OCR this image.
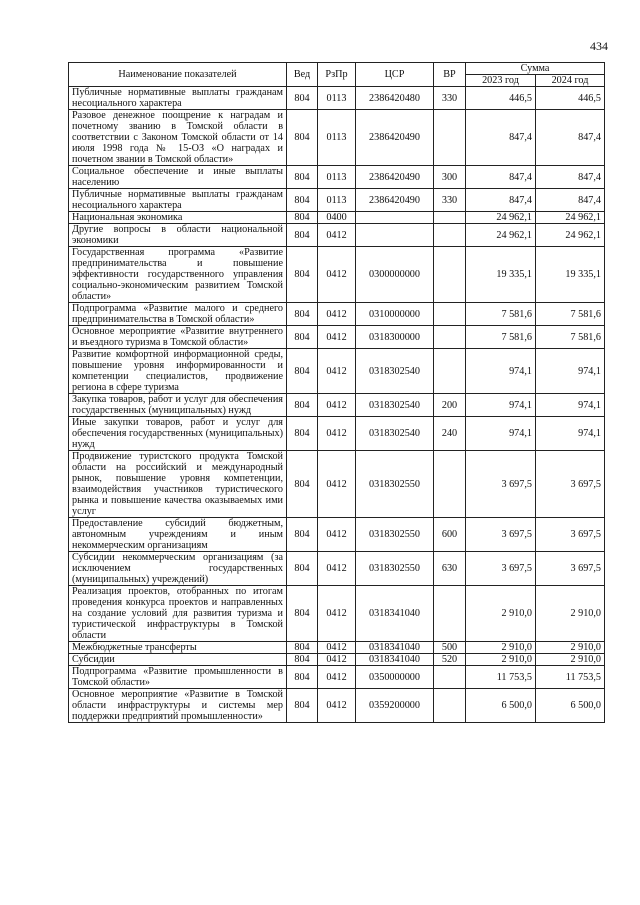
434
Наименование показателей	Вед	РзПр	ЦСР	ВР	Сумма	
					2023 год	2024 год
Публичные нормативные выплаты гражданам несоциального характера	804	0113	2386420480	330	446,5	446,5
Разовое денежное поощрение к наградам и почетному званию в Томской области в соответствии с Законом Томской области от 14 июля 1998 года № 15-ОЗ «О наградах и почетном звании в Томской области»	804	0113	2386420490		847,4	847,4
Социальное обеспечение и иные выплаты населению	804	0113	2386420490	300	847,4	847,4
Публичные нормативные выплаты гражданам несоциального характера	804	0113	2386420490	330	847,4	847,4
Национальная экономика	804	0400			24 962,1	24 962,1
Другие вопросы в области национальной экономики	804	0412			24 962,1	24 962,1
Государственная программа «Развитие предпринимательства и повышение эффективности государственного управления социально-экономическим развитием Томской области»	804	0412	0300000000		19 335,1	19 335,1
Подпрограмма «Развитие малого и среднего предпринимательства в Томской области»	804	0412	0310000000		7 581,6	7 581,6
Основное мероприятие «Развитие внутреннего и въездного туризма в Томской области»	804	0412	0318300000		7 581,6	7 581,6
Развитие комфортной информационной среды, повышение уровня информированности и компетенции специалистов, продвижение региона в сфере туризма	804	0412	0318302540		974,1	974,1
Закупка товаров, работ и услуг для обеспечения государственных (муниципальных) нужд	804	0412	0318302540	200	974,1	974,1
Иные закупки товаров, работ и услуг для обеспечения государственных (муниципальных) нужд	804	0412	0318302540	240	974,1	974,1
Продвижение туристского продукта Томской области на российский и международный рынок, повышение уровня компетенции, взаимодействия участников туристического рынка и повышение качества оказываемых ими услуг	804	0412	0318302550		3 697,5	3 697,5
Предоставление субсидий бюджетным, автономным учреждениям и иным некоммерческим организациям	804	0412	0318302550	600	3 697,5	3 697,5
Субсидии некоммерческим организациям (за исключением государственных (муниципальных) учреждений)	804	0412	0318302550	630	3 697,5	3 697,5
Реализация проектов, отобранных по итогам проведения конкурса проектов и направленных на создание условий для развития туризма и туристической инфраструктуры в Томской области	804	0412	0318341040		2 910,0	2 910,0
Межбюджетные трансферты	804	0412	0318341040	500	2 910,0	2 910,0
Субсидии	804	0412	0318341040	520	2 910,0	2 910,0
Подпрограмма «Развитие промышленности в Томской области»	804	0412	0350000000		11 753,5	11 753,5
Основное мероприятие «Развитие в Томской области инфраструктуры и системы мер поддержки предприятий промышленности»	804	0412	0359200000		6 500,0	6 500,0
